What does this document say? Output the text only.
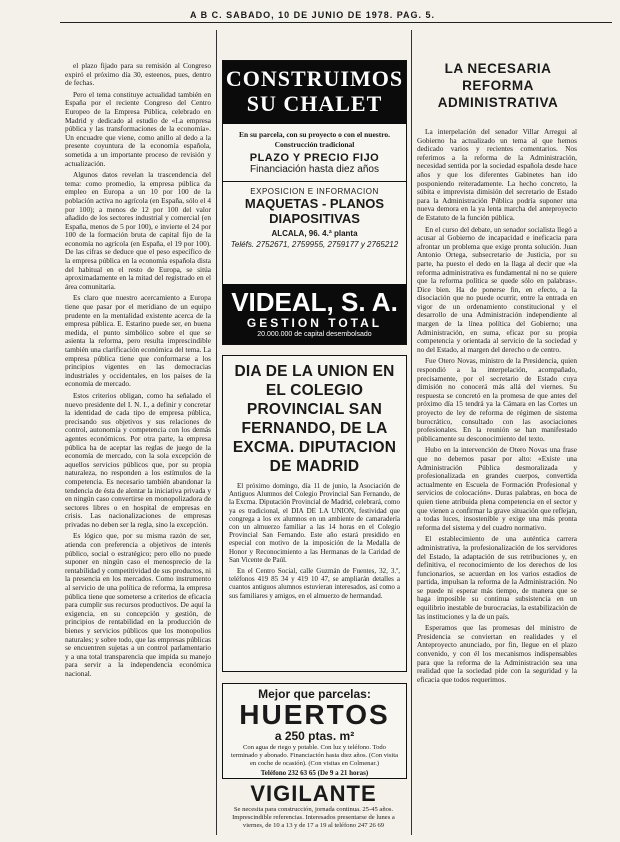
A B C. SABADO, 10 DE JUNIO DE 1978. PAG. 5.

el plazo fijado para su remisión al Congreso expiró el próximo día 30, esteenos, pues, dentro de fechas.

Pero el tema constituye actualidad también en España por el reciente Congreso del Centro Europeo de la Empresa Pública, celebrado en Madrid y dedicado al estudio de «La empresa pública y las transformaciones de la economía». Un encuadre que viene, como anillo al dedo a la presente coyuntura de la economía española, sometida a un importante proceso de revisión y actualización.

Algunos datos revelan la trascendencia del tema: como promedio, la empresa pública da empleo en Europa a un 10 por 100 de la población activa no agrícola (en España, sólo el 4 por 100); a menos de 12 por 100 del valor añadido de los sectores industrial y comercial (en España, menos de 5 por 100), e invierte el 24 por 100 de la formación bruta de capital fijo de la economía no agrícola (en España, el 19 por 100). De las cifras se deduce que el peso específico de la empresa pública en la economía española dista del habitual en el resto de Europa, se sitúa aproximadamente en la mitad del registrado en el área comunitaria.

Es claro que nuestro acercamiento a Europa tiene que pasar por el meridiano de un equipo prudente en la mentalidad existente acerca de la empresa pública. E. Estarino puede ser, en buena medida, el punto simbólico sobre el que se asienta la reforma, pero resulta imprescindible también una clarificación económica del tema. La empresa pública tiene que conformarse a los principios vigentes en las democracias industriales y occidentales, en los países de la economía de mercado.

Estos criterios obligan, como ha señalado el nuevo presidente del I. N. I., a definir y concretar la identidad de cada tipo de empresa pública, precisando sus objetivos y sus relaciones de control, autonomía y competencia con los demás agentes económicos. Por otra parte, la empresa pública ha de aceptar las reglas de juego de la economía de mercado, con la sola excepción de aquellos servicios públicos que, por su propia naturaleza, no responden a los estímulos de la competencia. Es necesario también abandonar la tendencia de ésta de alentar la iniciativa privada y en ningún caso convertirse en monopolizadora de sectores libres o en hospital de empresas en crisis. Las nacionalizaciones de empresas privadas no deben ser la regla, sino la excepción.

Es lógico que, por su misma razón de ser, atienda con preferencia a objetivos de interés público, social o estratégico; pero ello no puede suponer en ningún caso el menosprecio de la rentabilidad y competitividad de sus productos, ni la presencia en los mercados. Como instrumento al servicio de una política de reforma, la empresa pública tiene que someterse a criterios de eficacia para cumplir sus recursos productivos. De aquí la exigencia, en su concepción y gestión, de principios de rentabilidad en la producción de bienes y servicios públicos que los monopolios naturales; y sobre todo, que las empresas públicas se encuentren sujetas a un control parlamentario y a una total transparencia que impida su manejo para servir a la independencia económica nacional.

CONSTRUIMOS SU CHALET
En su parcela, con su proyecto o con el nuestro. Construcción tradicional
PLAZO Y PRECIO FIJO
Financiación hasta diez años
EXPOSICION E INFORMACION
MAQUETAS - PLANOS DIAPOSITIVAS
ALCALA, 96. 4.ª planta
Teléfs. 2752671, 2759955, 2759177 y 2765212
VIDEAL, S. A.
GESTION TOTAL
20.000.000 de capital desembolsado
DIA DE LA UNION EN EL COLEGIO PROVINCIAL SAN FERNANDO, DE LA EXCMA. DIPUTACION DE MADRID

El próximo domingo, día 11 de junio, la Asociación de Antiguos Alumnos del Colegio Provincial San Fernando, de la Excma. Diputación Provincial de Madrid, celebrará, como ya es tradicional, el DIA DE LA UNION, festividad que congrega a los ex alumnos en un ambiente de camaradería con un almuerzo familiar a las 14 horas en el Colegio Provincial San Fernando. Este año estará presidido en especial con motivo de la imposición de la Medalla de Honor y Reconocimiento a las Hermanas de la Caridad de San Vicente de Paúl.

En el Centro Social, calle Guzmán de Fuentes, 32, 3.º, teléfonos 419 85 34 y 419 10 47, se ampliarán detalles a cuantos antiguos alumnos estuvieran interesados, así como a sus familiares y amigos, en el almuerzo de hermandad.

Mejor que parcelas:
HUERTOS
a 250 ptas. m²
Con agua de riego y potable. Con luz y teléfono. Todo terminado y abonado. Financiación hasta diez años. (Con visita en coche de ocasión). (Con visitas en Colmenar.)
Teléfono 232 63 65 (De 9 a 21 horas)
VIGILANTE
Se necesita para construcción, jornada continua. 25-45 años. Imprescindible referencias. Interesados presentarse de lunes a viernes, de 10 a 13 y de 17 a 19 al teléfono 247 26 69
LA NECESARIA REFORMA ADMINISTRATIVA

La interpelación del senador Villar Arregui al Gobierno ha actualizado un tema al que hemos dedicado varios y recientes comentarios. Nos referimos a la reforma de la Administración, necesidad sentida por la sociedad española desde hace años y que los diferentes Gabinetes han ido posponiendo reiteradamente. La hecho concreto, la súbita e imprevista dimisión del secretario de Estado para la Administración Pública podría suponer una nueva demora en la ya lenta marcha del anteproyecto de Estatuto de la función pública.

En el curso del debate, un senador socialista llegó a acusar al Gobierno de incapacidad e ineficacia para afrontar un problema que exige pronta solución. Juan Antonio Ortega, subsecretario de Justicia, por su parte, ha puesto el dedo en la llaga al decir que «la reforma administrativa es fundamental ni no se quiere que la reforma política se quede sólo en palabras». Dice bien. Ha de ponerse fin, en efecto, a la disociación que no puede ocurrir, entre la entrada en vigor de un ordenamiento constitucional y el desarrollo de una Administración independiente al margen de la línea política del Gobierno; una Administración, en suma, eficaz por su propia competencia y orientada al servicio de la sociedad y no del Estado, al margen del derecho o de centro.

Fue Otero Novas, ministro de la Presidencia, quien respondió a la interpelación, acompañado, precisamente, por el secretario de Estado cuya dimisión no conocerá más allá del viernes. Su respuesta se concretó en la promesa de que antes del próximo día 15 tendrá ya la Cámara en las Cortes un proyecto de ley de reforma de régimen de sistema burocrático, consultado con las asociaciones profesionales. En la reunión se han manifestado públicamente su desconocimiento del texto.

Hubo en la intervención de Otero Novas una frase que no debemos pasar por alto: «Existe una Administración Pública desmoralizada y profesionalizada en grandes cuerpos, convertida actualmente en Escuela de Formación Profesional y servicios de colocación». Duras palabras, en boca de quien tiene atribuida plena competencia en el sector y que vienen a confirmar la grave situación que reflejan, a todas luces, insostenible y exige una más pronta reforma del sistema y del cuadro normativo.

El establecimiento de una auténtica carrera administrativa, la profesionalización de los servidores del Estado, la adaptación de sus retribuciones y, en definitiva, el reconocimiento de los derechos de los funcionarios, se acuerdan en los varios estadios de partida, impulsan la reforma de la Administración. No se puede ni esperar más tiempo, de manera que se haga imposible su continua subsistencia en un equilibrio inestable de burocracias, la estabilización de las instituciones y la de un país.

Esperamos que las promesas del ministro de Presidencia se conviertan en realidades y el Anteproyecto anunciado, por fin, llegue en el plazo convenido, y con él los mecanismos indispensables para que la reforma de la Administración sea una realidad que la sociedad pide con la seguridad y la eficacia que todos requerimos.
